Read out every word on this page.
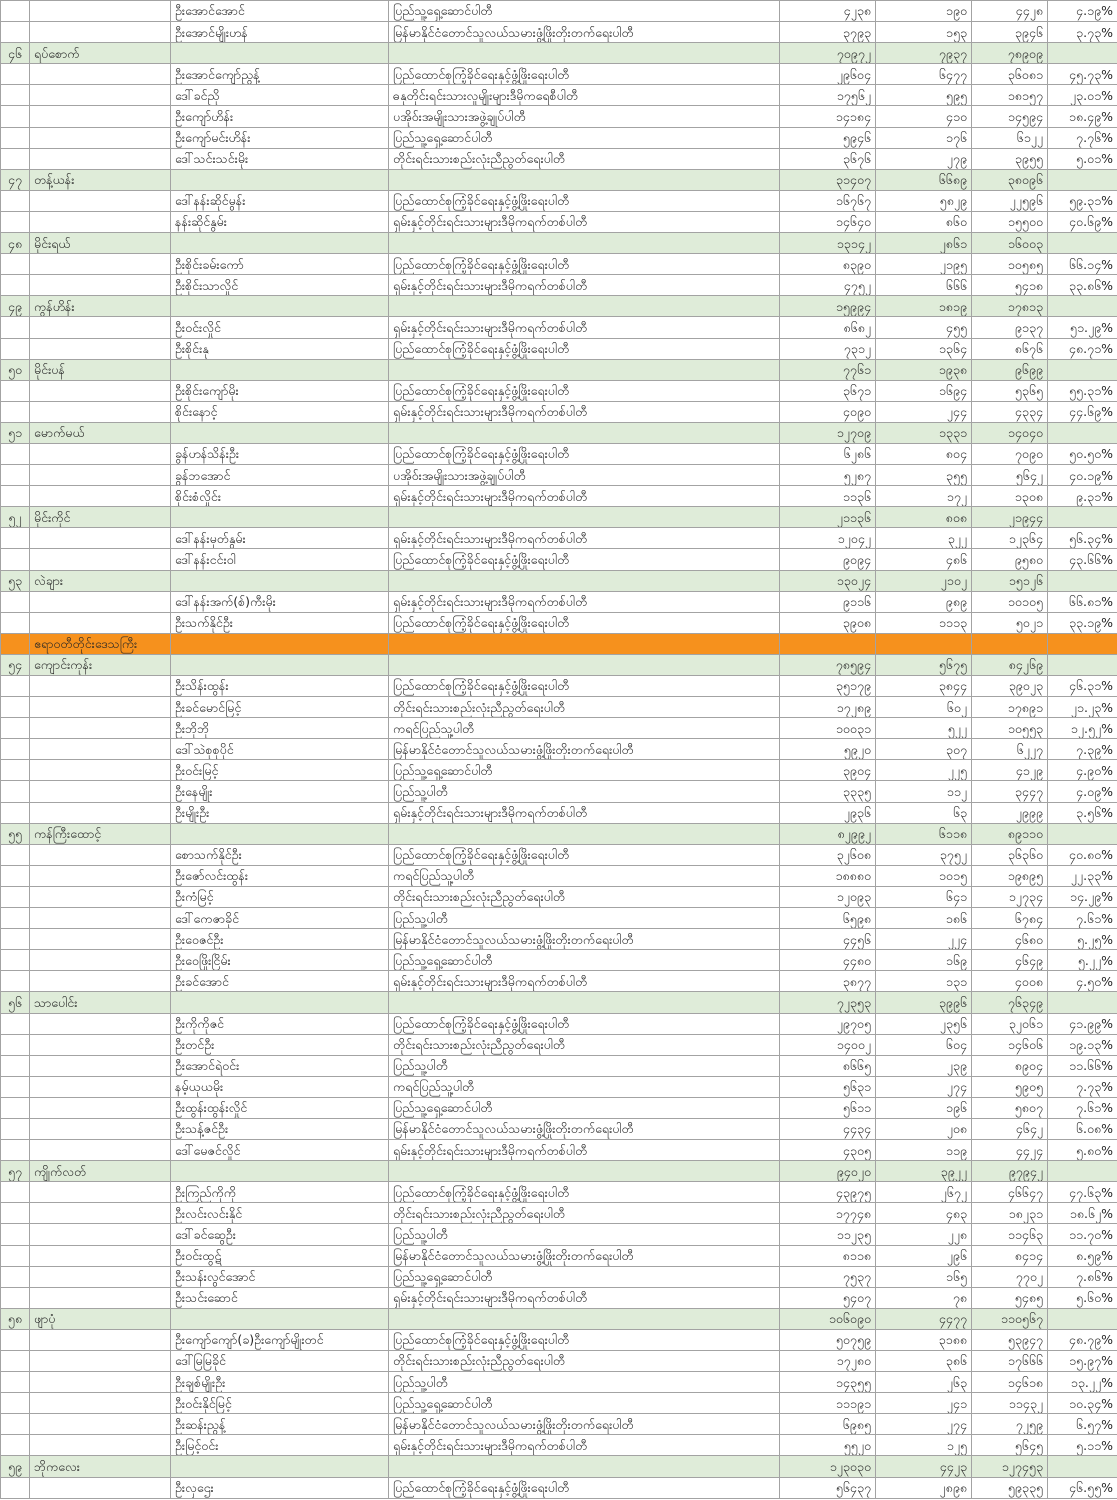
		ဦးအောင်အောင်	ပြည်သူ့ရှေ့ဆောင်ပါတီ	၄၂၃၈	၁၉၀	၄၄၂၈	၄.၁၉%
		ဦးအောင်မျိုးဟန်	မြန်မာနိုင်ငံတောင်သူလယ်သမားဖွံ့ဖြိုးတိုးတက်ရေးပါတီ	၃၇၉၃	၁၅၃	၃၉၄၆	၃.၇၃%
၄၆	ရပ်စောက်			၇၀၉၇၂	၇၉၃၇	၇၈၉၀၉	
		ဦးအောင်ကျော်ညွန့်	ပြည်ထောင်စုကြံ့ခိုင်ရေးနှင့်ဖွံ့ဖြိုးရေးပါတီ	၂၉၆၀၄	၆၄၇၇	၃၆၀၈၁	၄၅.၇၃%
		ဒေါ်ခင်ညို	ဓနုတိုင်းရင်းသားလူမျိုးများဒီမိုကရေစီပါတီ	၁၇၅၆၂	၅၉၅	၁၈၁၅၇	၂၃.၀၁%
		ဦးကျော်ဟိန်း	ပအိုဝ်းအမျိုးသားအဖွဲ့ချုပ်ပါတီ	၁၄၁၈၄	၄၁၀	၁၄၅၉၄	၁၈.၄၉%
		ဦးကျော်မင်းဟိန်း	ပြည်သူ့ရှေ့ဆောင်ပါတီ	၅၉၄၆	၁၇၆	၆၁၂၂	၇.၇၆%
		ဒေါ်သင်းသင်းမိုး	တိုင်းရင်းသားစည်းလုံးညီညွတ်ရေးပါတီ	၃၆၇၆	၂၇၉	၃၉၅၅	၅.၀၁%
၄၇	တန့်ယန်း			၃၁၄၀၇	၆၆၈၉	၃၈၀၉၆	
		ဒေါ်နန်းဆိုင်မွန်း	ပြည်ထောင်စုကြံ့ခိုင်ရေးနှင့်ဖွံ့ဖြိုးရေးပါတီ	၁၆၇၆၇	၅၈၂၉	၂၂၅၉၆	၅၉.၃၁%
		နန်းဆိုင်နွမ်း	ရှမ်းနှင့်တိုင်းရင်းသားများဒီမိုကရက်တစ်ပါတီ	၁၄၆၄၀	၈၆၀	၁၅၅၀၀	၄၀.၆၉%
၄၈	မိုင်းရယ်			၁၃၁၄၂	၂၈၆၁	၁၆၀၀၃	
		ဦးစိုင်းခမ်းကော်	ပြည်ထောင်စုကြံ့ခိုင်ရေးနှင့်ဖွံ့ဖြိုးရေးပါတီ	၈၃၉၀	၂၁၉၅	၁၀၅၈၅	၆၆.၁၄%
		ဦးစိုင်းသာလှိုင်	ရှမ်းနှင့်တိုင်းရင်းသားများဒီမိုကရက်တစ်ပါတီ	၄၇၅၂	၆၆၆	၅၄၁၈	၃၃.၈၆%
၄၉	ကွန်ဟိန်း			၁၅၉၉၄	၁၈၁၉	၁၇၈၁၃	
		ဦးဝင်းလှိုင်	ရှမ်းနှင့်တိုင်းရင်းသားများဒီမိုကရက်တစ်ပါတီ	၈၆၈၂	၄၅၅	၉၁၃၇	၅၁.၂၉%
		ဦးစိုင်းနု	ပြည်ထောင်စုကြံ့ခိုင်ရေးနှင့်ဖွံ့ဖြိုးရေးပါတီ	၇၃၁၂	၁၃၆၄	၈၆၇၆	၄၈.၇၁%
၅၀	မိုင်းပန်			၇၇၆၁	၁၉၃၈	၉၆၉၉	
		ဦးစိုင်းကျော်မိုး	ပြည်ထောင်စုကြံ့ခိုင်ရေးနှင့်ဖွံ့ဖြိုးရေးပါတီ	၃၆၇၁	၁၆၉၄	၅၃၆၅	၅၅.၃၁%
		စိုင်းနောင့်	ရှမ်းနှင့်တိုင်းရင်းသားများဒီမိုကရက်တစ်ပါတီ	၄၀၉၀	၂၄၄	၄၃၃၄	၄၄.၆၉%
၅၁	မောက်မယ်			၁၂၇၀၉	၁၃၃၁	၁၄၀၄၀	
		ခွန်ဟန်သိန်းဦး	ပြည်ထောင်စုကြံ့ခိုင်ရေးနှင့်ဖွံ့ဖြိုးရေးပါတီ	၆၂၈၆	၈၀၄	၇၀၉၀	၅၀.၅၀%
		ခွန်ဘအောင်	ပအိုဝ်းအမျိုးသားအဖွဲ့ချုပ်ပါတီ	၅၂၈၇	၃၅၅	၅၆၄၂	၄၀.၁၉%
		စိုင်းစံလှိုင်း	ရှမ်းနှင့်တိုင်းရင်းသားများဒီမိုကရက်တစ်ပါတီ	၁၁၃၆	၁၇၂	၁၃၀၈	၉.၃၁%
၅၂	မိုင်းကိုင်			၂၁၁၃၆	၈၀၈	၂၁၉၄၄	
		ဒေါ်နန်းမှတ်နွမ်း	ရှမ်းနှင့်တိုင်းရင်းသားများဒီမိုကရက်တစ်ပါတီ	၁၂၀၄၂	၃၂၂	၁၂၃၆၄	၅၆.၃၄%
		ဒေါ်နန်းငင်းဝါ	ပြည်ထောင်စုကြံ့ခိုင်ရေးနှင့်ဖွံ့ဖြိုးရေးပါတီ	၉၀၉၄	၄၈၆	၉၅၈၀	၄၃.၆၆%
၅၃	လဲချား			၁၃၀၂၄	၂၁၀၂	၁၅၁၂၆	
		ဒေါ်နန်းအက်(စ်)ကီးမိုး	ရှမ်းနှင့်တိုင်းရင်းသားများဒီမိုကရက်တစ်ပါတီ	၉၁၁၆	၉၈၉	၁၀၁၀၅	၆၆.၈၁%
		ဦးသက်နိုင်ဦး	ပြည်ထောင်စုကြံ့ခိုင်ရေးနှင့်ဖွံ့ဖြိုးရေးပါတီ	၃၉၀၈	၁၁၁၃	၅၀၂၁	၃၃.၁၉%
	ဧရာဝတီတိုင်းဒေသကြီး						
၅၄	ကျောင်းကုန်း			၇၈၅၉၄	၅၆၇၅	၈၄၂၆၉	
		ဦးသိန်းထွန်း	ပြည်ထောင်စုကြံ့ခိုင်ရေးနှင့်ဖွံ့ဖြိုးရေးပါတီ	၃၅၁၇၉	၃၈၄၄	၃၉၀၂၃	၄၆.၃၁%
		ဦးခင်မောင်မြင့်	တိုင်းရင်းသားစည်းလုံးညီညွတ်ရေးပါတီ	၁၇၂၈၉	၆၀၂	၁၇၈၉၁	၂၁.၂၃%
		ဦးဘိုဘို	ကရင်ပြည်သူ့ပါတီ	၁၀၀၃၁	၅၂၂	၁၀၅၅၃	၁၂.၅၂%
		ဒေါ်သဲစုစုပိုင်	မြန်မာနိုင်ငံတောင်သူလယ်သမားဖွံ့ဖြိုးတိုးတက်ရေးပါတီ	၅၉၂၀	၃၀၇	၆၂၂၇	၇.၃၉%
		ဦးဝင်းမြင့်	ပြည်သူ့ရှေ့ဆောင်ပါတီ	၃၉၀၄	၂၂၅	၄၁၂၉	၄.၉၀%
		ဦးနေမျိုး	ပြည်သူ့ပါတီ	၃၃၃၅	၁၁၂	၃၄၄၇	၄.၀၉%
		ဦးမျိုးဦး	ရှမ်းနှင့်တိုင်းရင်းသားများဒီမိုကရက်တစ်ပါတီ	၂၉၃၆	၆၃	၂၉၉၉	၃.၅၆%
၅၅	ကန်ကြီးထောင့်			၈၂၉၉၂	၆၁၁၈	၈၉၁၁၀	
		စောသက်နိုင်ဦး	ပြည်ထောင်စုကြံ့ခိုင်ရေးနှင့်ဖွံ့ဖြိုးရေးပါတီ	၃၂၆၀၈	၃၇၅၂	၃၆၃၆၀	၄၀.၈၀%
		ဦးဇော်လင်းထွန်း	ကရင်ပြည်သူ့ပါတီ	၁၈၈၈၀	၁၀၁၅	၁၉၈၉၅	၂၂.၃၃%
		ဦးကံမြင့်	တိုင်းရင်းသားစည်းလုံးညီညွတ်ရေးပါတီ	၁၂၀၉၃	၆၄၁	၁၂၇၃၄	၁၄.၂၉%
		ဒေါ်ကေဇာခိုင်	ပြည်သူ့ပါတီ	၆၅၉၈	၁၈၆	၆၇၈၄	၇.၆၁%
		ဦးဝေဇင်ဦး	မြန်မာနိုင်ငံတောင်သူလယ်သမားဖွံ့ဖြိုးတိုးတက်ရေးပါတီ	၄၄၅၆	၂၂၄	၄၆၈၀	၅.၂၅%
		ဦးဝေဖြိုးငြိမ်း	ပြည်သူ့ရှေ့ဆောင်ပါတီ	၄၄၈၀	၁၆၉	၄၆၄၉	၅.၂၂%
		ဦးခင်အောင်	ရှမ်းနှင့်တိုင်းရင်းသားများဒီမိုကရက်တစ်ပါတီ	၃၈၇၇	၁၃၁	၄၀၀၈	၄.၅၀%
၅၆	သာပေါင်း			၇၂၃၅၃	၃၉၉၆	၇၆၃၄၉	
		ဦးကိုကိုဇင်	ပြည်ထောင်စုကြံ့ခိုင်ရေးနှင့်ဖွံ့ဖြိုးရေးပါတီ	၂၉၇၀၅	၂၃၅၆	၃၂၀၆၁	၄၁.၉၉%
		ဦးတင်ဦး	တိုင်းရင်းသားစည်းလုံးညီညွတ်ရေးပါတီ	၁၄၀၀၂	၆၀၄	၁၄၆၀၆	၁၉.၁၃%
		ဦးအောင်ရဲဝင်း	ပြည်သူ့ပါတီ	၈၆၆၅	၂၃၉	၈၉၀၄	၁၁.၆၆%
		နမ့်ယုယမိုး	ကရင်ပြည်သူ့ပါတီ	၅၆၃၁	၂၇၄	၅၉၀၅	၇.၇၃%
		ဦးထွန်းထွန်းလှိုင်	ပြည်သူ့ရှေ့ဆောင်ပါတီ	၅၆၁၁	၁၉၆	၅၈၀၇	၇.၆၁%
		ဦးသန့်ဇင်ဦး	မြန်မာနိုင်ငံတောင်သူလယ်သမားဖွံ့ဖြိုးတိုးတက်ရေးပါတီ	၄၄၃၄	၂၀၈	၄၆၄၂	၆.၀၈%
		ဒေါ်မေဇင်လှိုင်	ရှမ်းနှင့်တိုင်းရင်းသားများဒီမိုကရက်တစ်ပါတီ	၄၃၀၅	၁၁၉	၄၄၂၄	၅.၈၀%
၅၇	ကျိုက်လတ်			၉၄၀၂၀	၃၉၂၂	၉၇၉၄၂	
		ဦးကြည်ကိုကို	ပြည်ထောင်စုကြံ့ခိုင်ရေးနှင့်ဖွံ့ဖြိုးရေးပါတီ	၄၃၉၇၅	၂၆၇၂	၄၆၆၄၇	၄၇.၆၃%
		ဦးလင်းလင်းနိုင်	တိုင်းရင်းသားစည်းလုံးညီညွတ်ရေးပါတီ	၁၇၇၄၈	၄၈၃	၁၈၂၃၁	၁၈.၆၂%
		ဒေါ်ခင်ဆွေဦး	ပြည်သူ့ပါတီ	၁၁၂၃၅	၂၂၈	၁၁၄၆၃	၁၁.၇၀%
		ဦးဝင်းထွဋ်	မြန်မာနိုင်ငံတောင်သူလယ်သမားဖွံ့ဖြိုးတိုးတက်ရေးပါတီ	၈၁၁၈	၂၉၆	၈၄၁၄	၈.၅၉%
		ဦးသန်းလွင်အောင်	ပြည်သူ့ရှေ့ဆောင်ပါတီ	၇၅၃၇	၁၆၅	၇၇၀၂	၇.၈၆%
		ဦးသင်းဆောင်	ရှမ်းနှင့်တိုင်းရင်းသားများဒီမိုကရက်တစ်ပါတီ	၅၄၀၇	၇၈	၅၄၈၅	၅.၆၀%
၅၈	ဖျာပုံ			၁၀၆၀၉၀	၄၄၇၇	၁၁၀၅၆၇	
		ဦးကျော်ကျော်(ခ)ဦးကျော်မျိုးတင်	ပြည်ထောင်စုကြံ့ခိုင်ရေးနှင့်ဖွံ့ဖြိုးရေးပါတီ	၅၀၇၅၉	၃၁၈၈	၅၃၉၄၇	၄၈.၇၉%
		ဒေါ်မြမြခိုင်	တိုင်းရင်းသားစည်းလုံးညီညွတ်ရေးပါတီ	၁၇၂၈၀	၃၈၆	၁၇၆၆၆	၁၅.၉၇%
		ဦးချစ်မျိုးဦး	ပြည်သူ့ပါတီ	၁၄၃၅၅	၂၆၃	၁၄၆၁၈	၁၃.၂၂%
		ဦးဝင်းနိုင်မြင့်	ပြည်သူ့ရှေ့ဆောင်ပါတီ	၁၁၁၉၁	၂၄၁	၁၁၄၃၂	၁၀.၃၄%
		ဦးဆန်းညွန့်	မြန်မာနိုင်ငံတောင်သူလယ်သမားဖွံ့ဖြိုးတိုးတက်ရေးပါတီ	၆၉၈၅	၂၇၄	၇၂၅၉	၆.၅၇%
		ဦးမြင့်ဝင်း	ရှမ်းနှင့်တိုင်းရင်းသားများဒီမိုကရက်တစ်ပါတီ	၅၅၂၀	၁၂၅	၅၆၄၅	၅.၁၁%
၅၉	ဘိုကလေး			၁၂၃၀၃၀	၄၄၂၃	၁၂၇၄၅၃	
		ဦးလှဌေး	ပြည်ထောင်စုကြံ့ခိုင်ရေးနှင့်ဖွံ့ဖြိုးရေးပါတီ	၅၆၄၃၇	၂၈၉၈	၅၉၃၃၅	၄၆.၅၅%
